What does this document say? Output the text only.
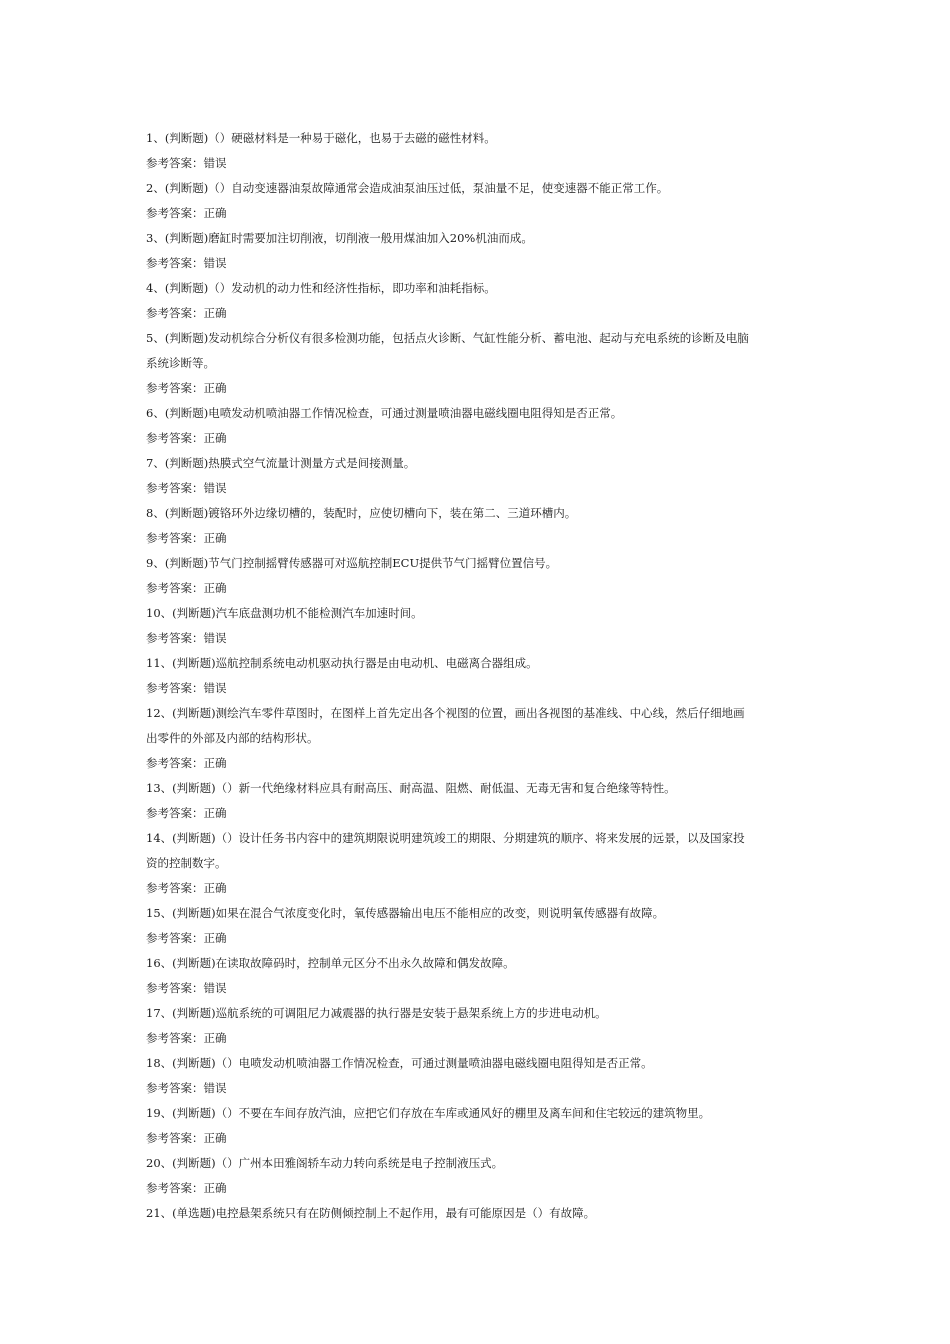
1、(判断题)（）硬磁材料是一种易于磁化，也易于去磁的磁性材料。
参考答案：错误
2、(判断题)（）自动变速器油泵故障通常会造成油泵油压过低，泵油量不足，使变速器不能正常工作。
参考答案：正确
3、(判断题)磨缸时需要加注切削液，切削液一般用煤油加入20%机油而成。
参考答案：错误
4、(判断题)（）发动机的动力性和经济性指标，即功率和油耗指标。
参考答案：正确
5、(判断题)发动机综合分析仪有很多检测功能，包括点火诊断、气缸性能分析、蓄电池、起动与充电系统的诊断及电脑
系统诊断等。
参考答案：正确
6、(判断题)电喷发动机喷油器工作情况检查，可通过测量喷油器电磁线圈电阻得知是否正常。
参考答案：正确
7、(判断题)热膜式空气流量计测量方式是间接测量。
参考答案：错误
8、(判断题)镀铬环外边缘切槽的，装配时，应使切槽向下，装在第二、三道环槽内。
参考答案：正确
9、(判断题)节气门控制摇臂传感器可对巡航控制ECU提供节气门摇臂位置信号。
参考答案：正确
10、(判断题)汽车底盘测功机不能检测汽车加速时间。
参考答案：错误
11、(判断题)巡航控制系统电动机驱动执行器是由电动机、电磁离合器组成。
参考答案：错误
12、(判断题)测绘汽车零件草图时，在图样上首先定出各个视图的位置，画出各视图的基准线、中心线，然后仔细地画
出零件的外部及内部的结构形状。
参考答案：正确
13、(判断题)（）新一代绝缘材料应具有耐高压、耐高温、阻燃、耐低温、无毒无害和复合绝缘等特性。
参考答案：正确
14、(判断题)（）设计任务书内容中的建筑期限说明建筑竣工的期限、分期建筑的顺序、将来发展的远景，以及国家投
资的控制数字。
参考答案：正确
15、(判断题)如果在混合气浓度变化时，氧传感器输出电压不能相应的改变，则说明氧传感器有故障。
参考答案：正确
16、(判断题)在读取故障码时，控制单元区分不出永久故障和偶发故障。
参考答案：错误
17、(判断题)巡航系统的可调阻尼力减震器的执行器是安装于悬架系统上方的步进电动机。
参考答案：正确
18、(判断题)（）电喷发动机喷油器工作情况检查，可通过测量喷油器电磁线圈电阻得知是否正常。
参考答案：错误
19、(判断题)（）不要在车间存放汽油，应把它们存放在车库或通风好的棚里及离车间和住宅较远的建筑物里。
参考答案：正确
20、(判断题)（）广州本田雅阁轿车动力转向系统是电子控制液压式。
参考答案：正确
21、(单选题)电控悬架系统只有在防侧倾控制上不起作用，最有可能原因是（）有故障。
